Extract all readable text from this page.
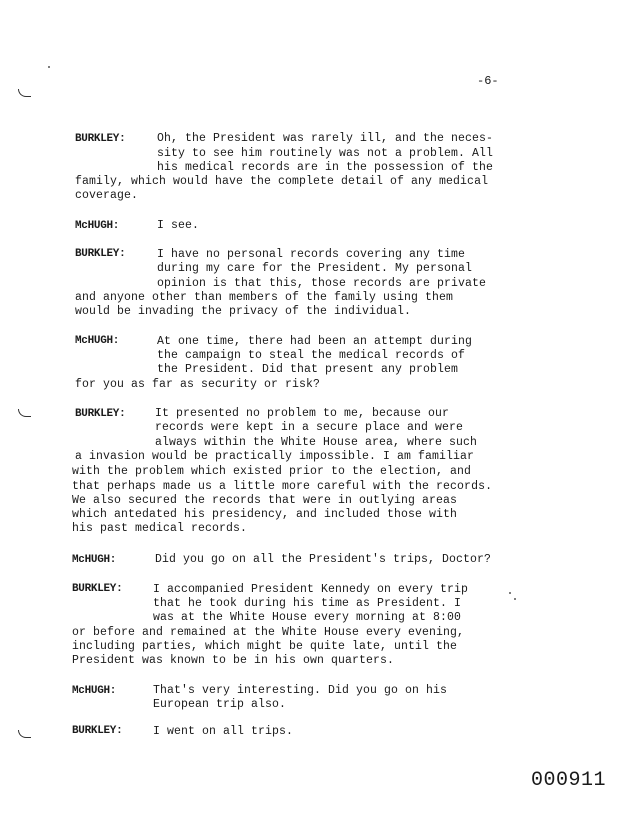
-6-
BURKLEY:	Oh, the President was rarely ill, and the neces-
sity to see him routinely was not a problem. All
his medical records are in the possession of the
family, which would have the complete detail of any medical
coverage.
McHUGH:	I see.
BURKLEY:	I have no personal records covering any time
during my care for the President. My personal
opinion is that this, those records are private
and anyone other than members of the family using them
would be invading the privacy of the individual.
McHUGH:	At one time, there had been an attempt during
the campaign to steal the medical records of
the President. Did that present any problem
for you as far as security or risk?
BURKLEY:	It presented no problem to me, because our
records were kept in a secure place and were
always within the White House area, where such
a invasion would be practically impossible. I am familiar
with the problem which existed prior to the election, and
that perhaps made us a little more careful with the records.
We also secured the records that were in outlying areas
which antedated his presidency, and included those with
his past medical records.
McHUGH:	Did you go on all the President's trips, Doctor?
BURKLEY:	I accompanied President Kennedy on every trip
that he took during his time as President. I
was at the White House every morning at 8:00
or before and remained at the White House every evening,
including parties, which might be quite late, until the
President was known to be in his own quarters.
McHUGH:	That's very interesting. Did you go on his
European trip also.
BURKLEY:	I went on all trips.
000911
